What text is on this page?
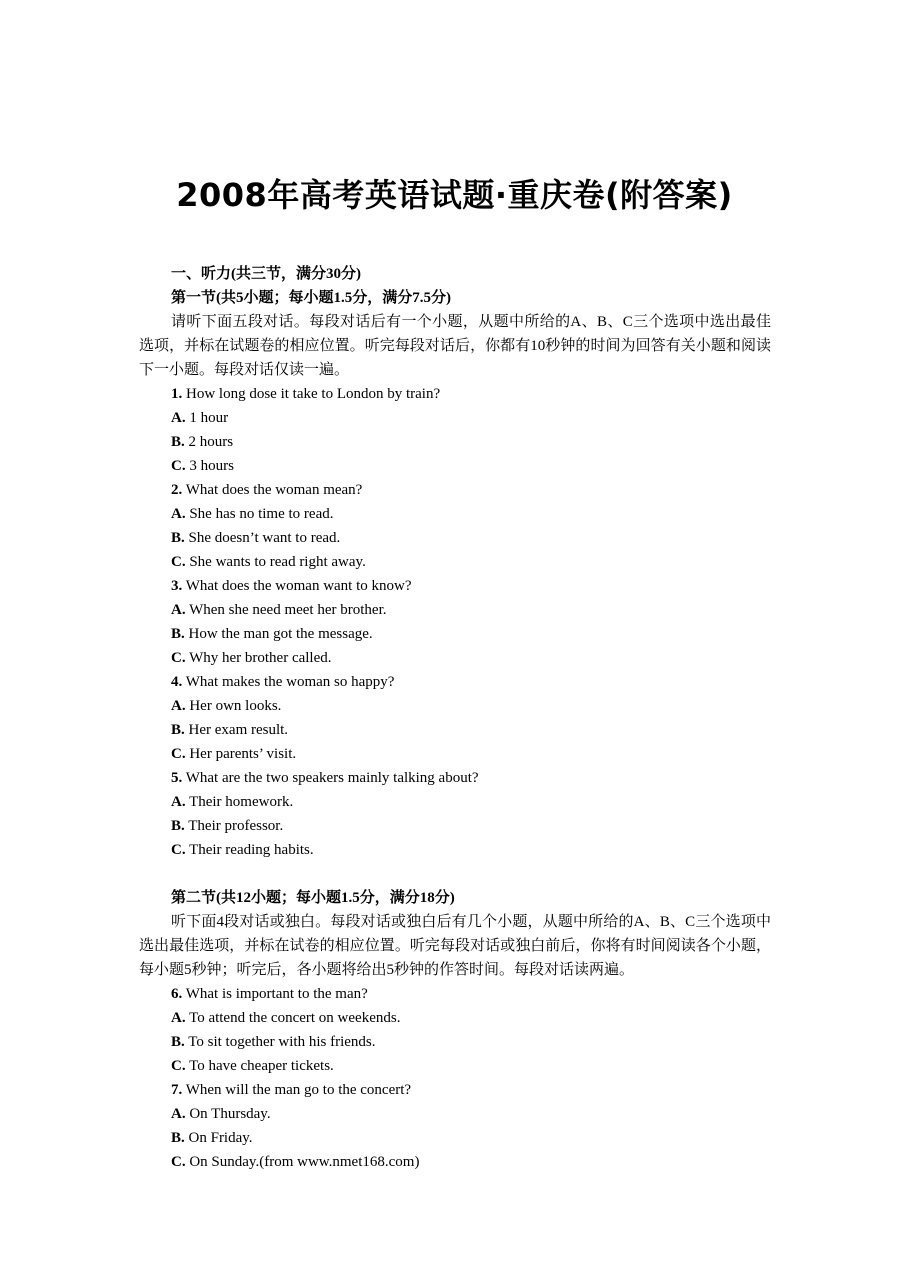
2008年高考英语试题·重庆卷(附答案)
一、听力(共三节，满分30分)
第一节(共5小题；每小题1.5分，满分7.5分)
请听下面五段对话。每段对话后有一个小题，从题中所给的A、B、C三个选项中选出最佳选项，并标在试题卷的相应位置。听完每段对话后，你都有10秒钟的时间为回答有关小题和阅读下一小题。每段对话仅读一遍。
1. How long dose it take to London by train?
A. 1 hour
B. 2 hours
C. 3 hours
2. What does the woman mean?
A. She has no time to read.
B. She doesn’t want to read.
C. She wants to read right away.
3. What does the woman want to know?
A. When she need meet her brother.
B. How the man got the message.
C. Why her brother called.
4. What makes the woman so happy?
A. Her own looks.
B. Her exam result.
C. Her parents’ visit.
5. What are the two speakers mainly talking about?
A. Their homework.
B. Their professor.
C. Their reading habits.
第二节(共12小题；每小题1.5分，满分18分)
听下面4段对话或独白。每段对话或独白后有几个小题，从题中所给的A、B、C三个选项中选出最佳选项，并标在试卷的相应位置。听完每段对话或独白前后，你将有时间阅读各个小题，每小题5秒钟；听完后，各小题将给出5秒钟的作答时间。每段对话读两遍。
6. What is important to the man?
A. To attend the concert on weekends.
B. To sit together with his friends.
C. To have cheaper tickets.
7. When will the man go to the concert?
A. On Thursday.
B. On Friday.
C. On Sunday.(from www.nmet168.com)
